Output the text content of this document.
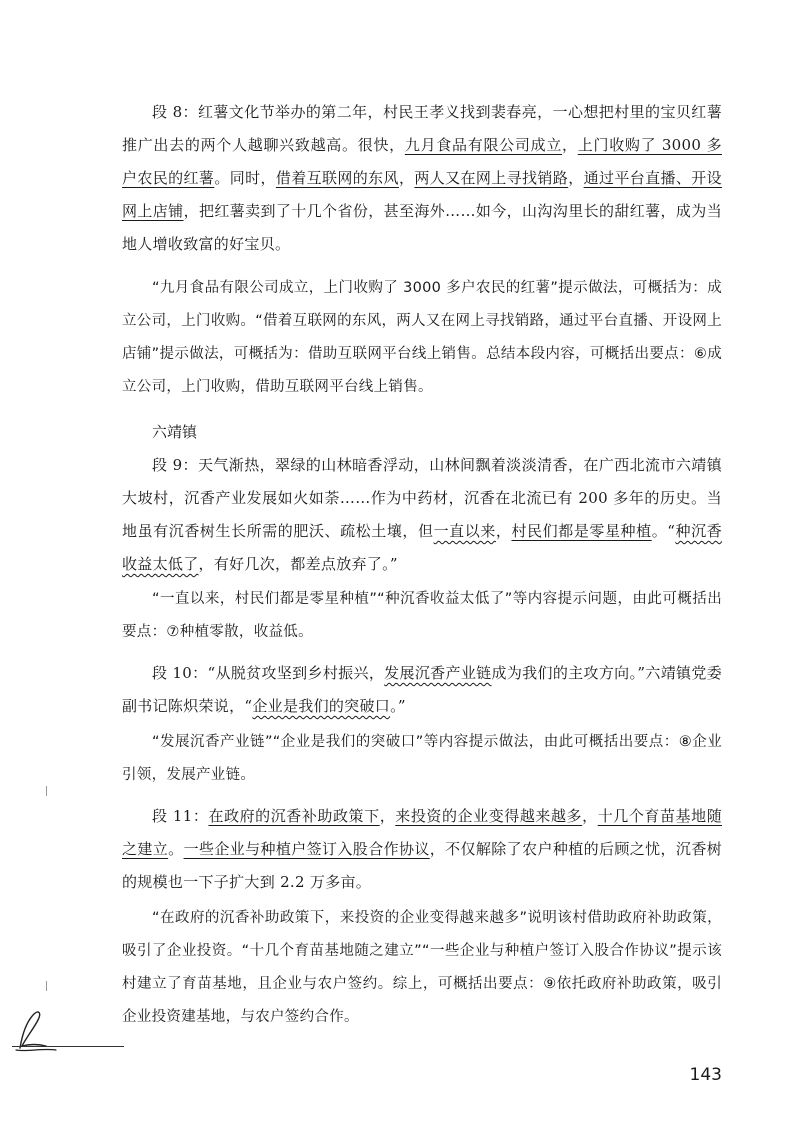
段 8：红薯文化节举办的第二年，村民王孝义找到裴春亮，一心想把村里的宝贝红薯推广出去的两个人越聊兴致越高。很快，九月食品有限公司成立，上门收购了 3000 多户农民的红薯。同时，借着互联网的东风，两人又在网上寻找销路，通过平台直播、开设网上店铺，把红薯卖到了十几个省份，甚至海外……如今，山沟沟里长的甜红薯，成为当地人增收致富的好宝贝。

“九月食品有限公司成立，上门收购了 3000 多户农民的红薯”提示做法，可概括为：成立公司，上门收购。“借着互联网的东风，两人又在网上寻找销路，通过平台直播、开设网上店铺”提示做法，可概括为：借助互联网平台线上销售。总结本段内容，可概括出要点：⑥成立公司，上门收购，借助互联网平台线上销售。

六靖镇

段 9：天气渐热，翠绿的山林暗香浮动，山林间飘着淡淡清香，在广西北流市六靖镇大坡村，沉香产业发展如火如荼……作为中药材，沉香在北流已有 200 多年的历史。当地虽有沉香树生长所需的肥沃、疏松土壤，但一直以来，村民们都是零星种植。“种沉香收益太低了，有好几次，都差点放弃了。”

“一直以来，村民们都是零星种植”“种沉香收益太低了”等内容提示问题，由此可概括出要点：⑦种植零散，收益低。

段 10：“从脱贫攻坚到乡村振兴，发展沉香产业链成为我们的主攻方向。”六靖镇党委副书记陈炽荣说，“企业是我们的突破口。”

“发展沉香产业链”“企业是我们的突破口”等内容提示做法，由此可概括出要点：⑧企业引领，发展产业链。

段 11：在政府的沉香补助政策下，来投资的企业变得越来越多，十几个育苗基地随之建立。一些企业与种植户签订入股合作协议，不仅解除了农户种植的后顾之忧，沉香树的规模也一下子扩大到 2.2 万多亩。

“在政府的沉香补助政策下，来投资的企业变得越来越多”说明该村借助政府补助政策，吸引了企业投资。“十几个育苗基地随之建立”“一些企业与种植户签订入股合作协议”提示该村建立了育苗基地，且企业与农户签约。综上，可概括出要点：⑨依托政府补助政策，吸引企业投资建基地，与农户签约合作。

143
